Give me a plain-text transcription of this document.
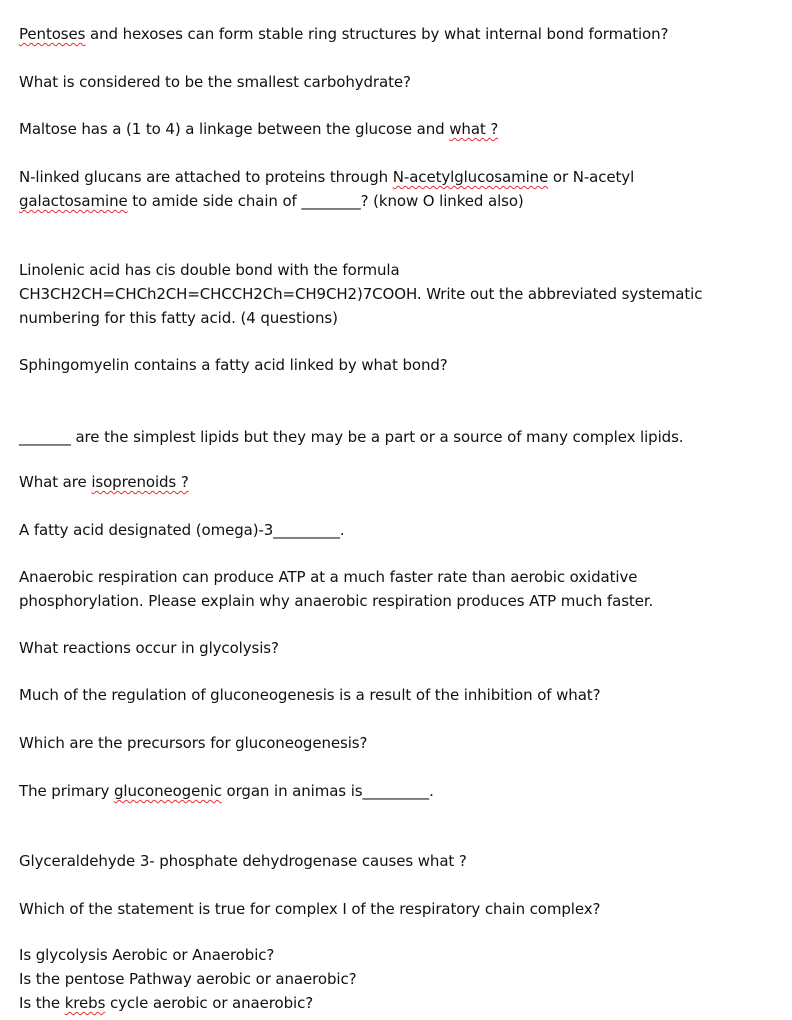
Pentoses and hexoses can form stable ring structures by what internal bond formation?
What is considered to be the smallest carbohydrate?
Maltose has a (1 to 4) a linkage between the glucose and what ?
N-linked glucans are attached to proteins through N-acetylglucosamine or N-acetyl
galactosamine to amide side chain of ________? (know O linked also)
Linolenic acid has cis double bond with the formula
CH3CH2CH=CHCh2CH=CHCCH2Ch=CH9CH2)7COOH. Write out the abbreviated systematic
numbering for this fatty acid. (4 questions)
Sphingomyelin contains a fatty acid linked by what bond?
_______ are the simplest lipids but they may be a part or a source of many complex lipids.
What are isoprenoids ?
A fatty acid designated (omega)-3_________.
Anaerobic respiration can produce ATP at a much faster rate than aerobic oxidative
phosphorylation. Please explain why anaerobic respiration produces ATP much faster.
What reactions occur in glycolysis?
Much of the regulation of gluconeogenesis is a result of the inhibition of what?
Which are the precursors for gluconeogenesis?
The primary gluconeogenic organ in animas is_________.
Glyceraldehyde 3- phosphate dehydrogenase causes what ?
Which of the statement is true for complex I of the respiratory chain complex?
Is glycolysis Aerobic or Anaerobic?
Is the pentose Pathway aerobic or anaerobic?
Is the krebs cycle aerobic or anaerobic?
